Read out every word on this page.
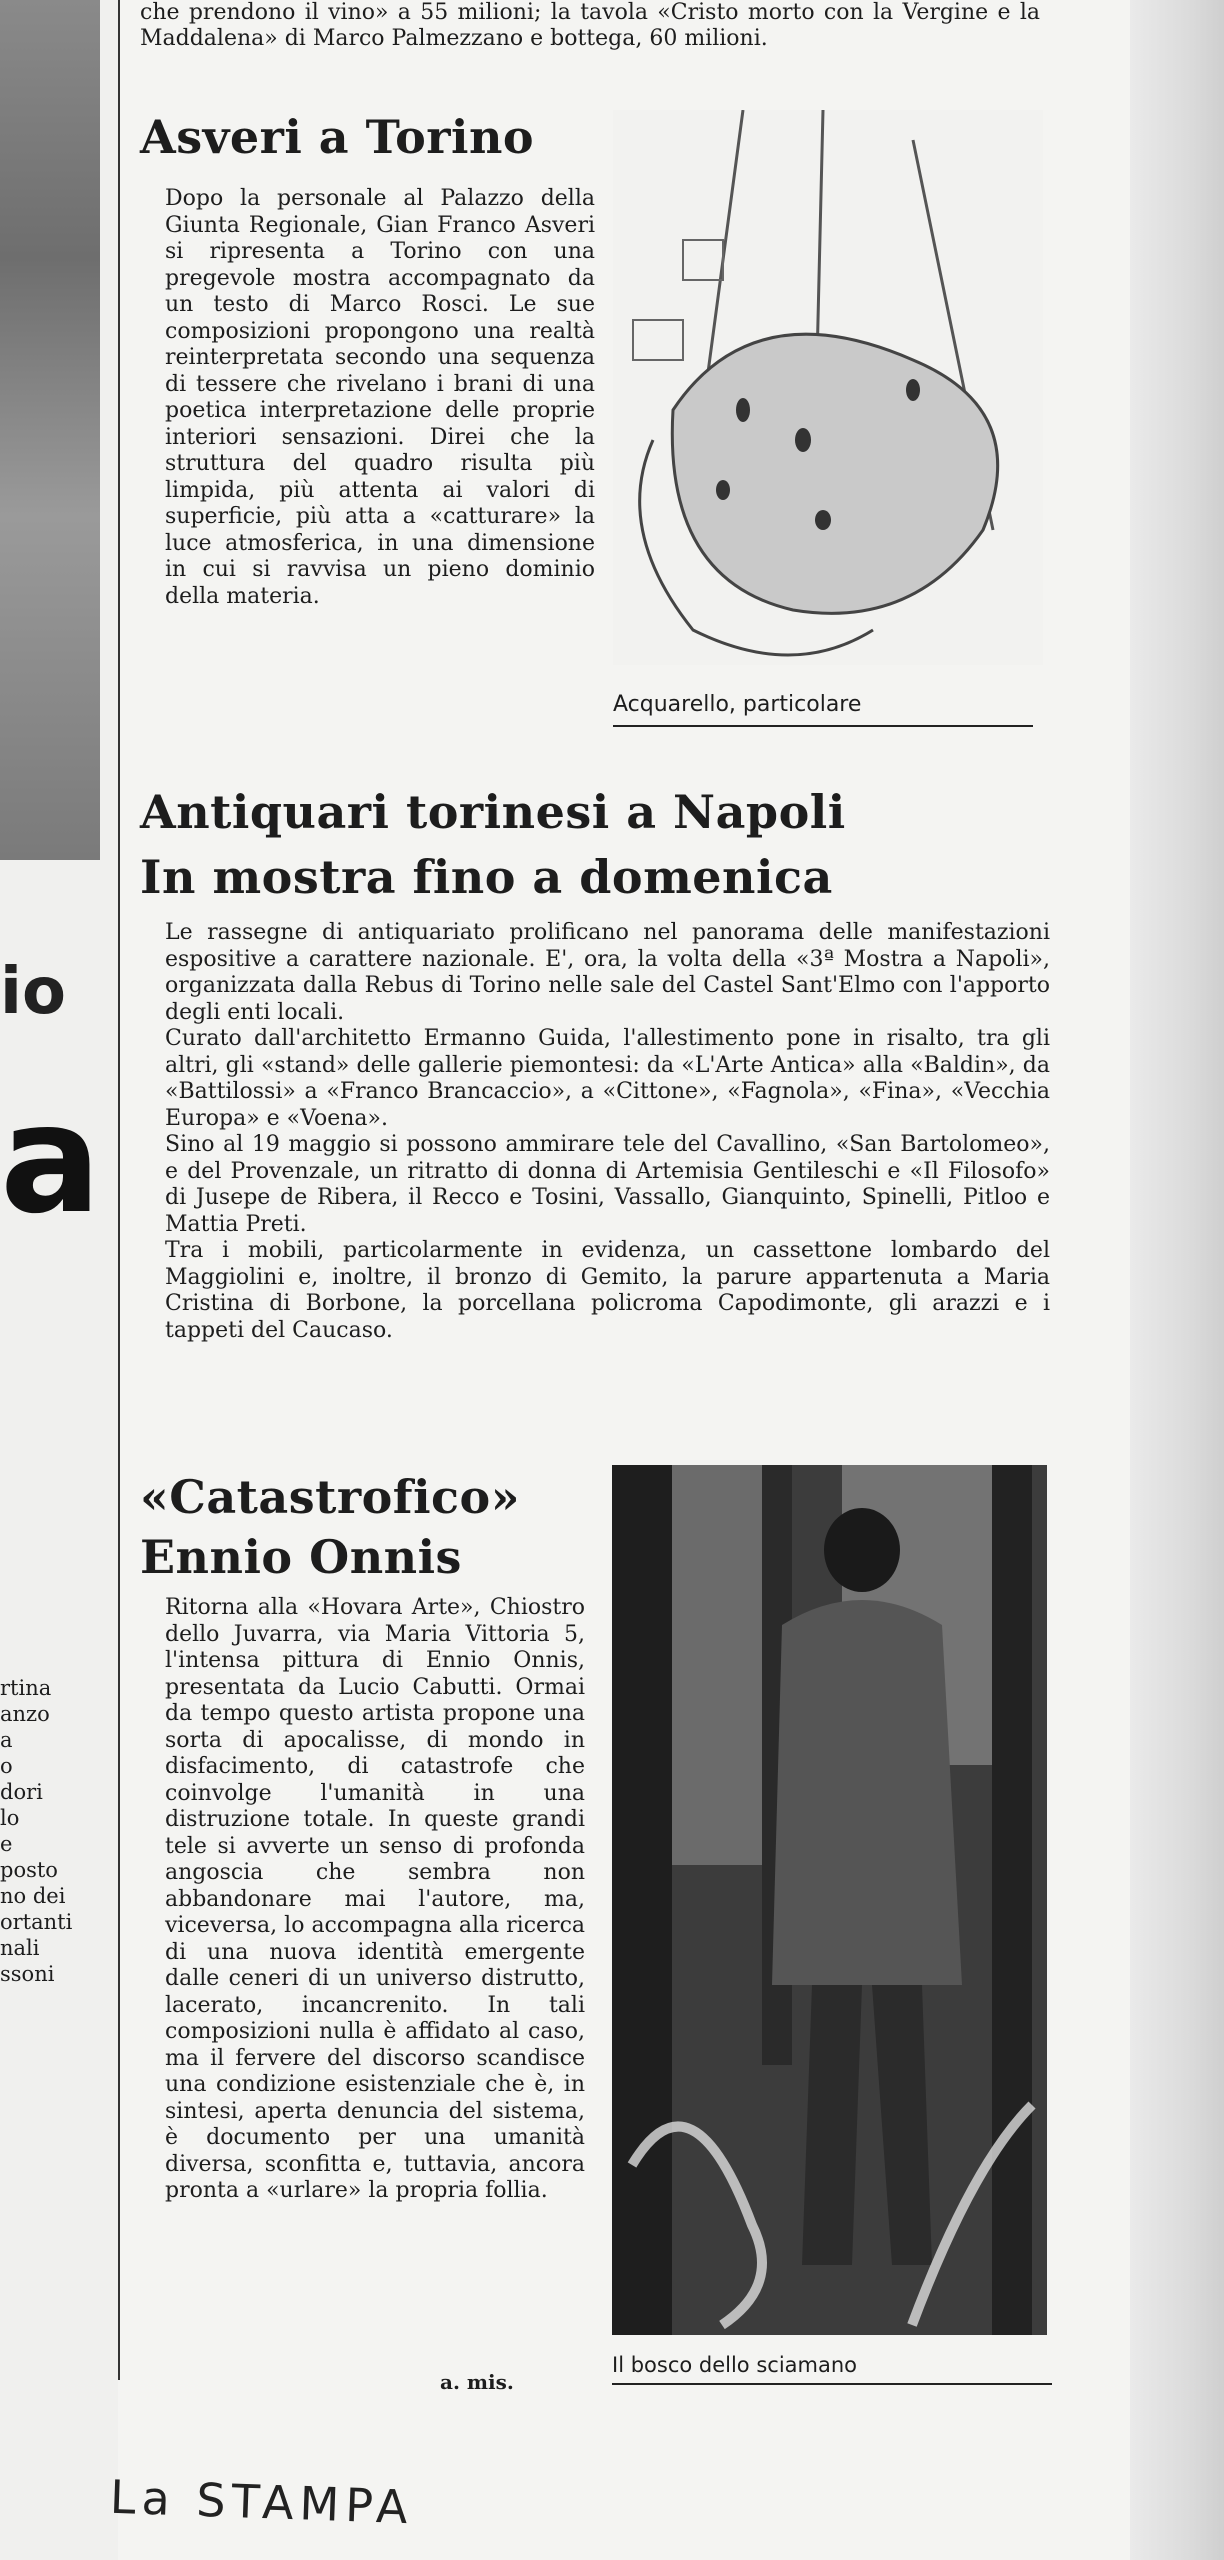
io
a
rtina
anzo
a
o
dori
lo
e
posto
no dei
ortanti
nali
ssoni
che prendono il vino» a 55 milioni; la tavola «Cristo morto con la Vergine e la Maddalena» di Marco Palmezzano e bottega, 60 milioni.
Asveri a Torino
Dopo la personale al Palazzo della Giunta Regionale, Gian Franco Asveri si ripresenta a Torino con una pregevole mostra accompagnato da un testo di Marco Rosci. Le sue composizioni propongono una realtà reinterpretata secondo una sequenza di tessere che rivelano i brani di una poetica interpretazione delle proprie interiori sensazioni. Direi che la struttura del quadro risulta più limpida, più attenta ai valori di superficie, più atta a «catturare» la luce atmosferica, in una dimensione in cui si ravvisa un pieno dominio della materia.
Acquarello, particolare
Antiquari torinesi a Napoli
In mostra fino a domenica

Le rassegne di antiquariato prolificano nel panorama delle manifestazioni espositive a carattere nazionale. E', ora, la volta della «3ª Mostra a Napoli», organizzata dalla Rebus di Torino nelle sale del Castel Sant'Elmo con l'apporto degli enti locali.

Curato dall'architetto Ermanno Guida, l'allestimento pone in risalto, tra gli altri, gli «stand» delle gallerie piemontesi: da «L'Arte Antica» alla «Baldin», da «Battilossi» a «Franco Brancaccio», a «Cittone», «Fagnola», «Fina», «Vecchia Europa» e «Voena».

Sino al 19 maggio si possono ammirare tele del Cavallino, «San Bartolomeo», e del Provenzale, un ritratto di donna di Artemisia Gentileschi e «Il Filosofo» di Jusepe de Ribera, il Recco e Tosini, Vassallo, Gianquinto, Spinelli, Pitloo e Mattia Preti.

Tra i mobili, particolarmente in evidenza, un cassettone lombardo del Maggiolini e, inoltre, il bronzo di Gemito, la parure appartenuta a Maria Cristina di Borbone, la porcellana policroma Capodimonte, gli arazzi e i tappeti del Caucaso.

«Catastrofico»
Ennio Onnis
Ritorna alla «Hovara Arte», Chiostro dello Juvarra, via Maria Vittoria 5, l'intensa pittura di Ennio Onnis, presentata da Lucio Cabutti. Ormai da tempo questo artista propone una sorta di apocalisse, di mondo in disfacimento, di catastrofe che coinvolge l'umanità in una distruzione totale. In queste grandi tele si avverte un senso di profonda angoscia che sembra non abbandonare mai l'autore, ma, viceversa, lo accompagna alla ricerca di una nuova identità emergente dalle ceneri di un universo distrutto, lacerato, incancrenito. In tali composizioni nulla è affidato al caso, ma il fervere del discorso scandisce una condizione esistenziale che è, in sintesi, aperta denuncia del sistema, è documento per una umanità diversa, sconfitta e, tuttavia, ancora pronta a «urlare» la propria follia.
Il bosco dello sciamano
a. mis.
La STAMPA
